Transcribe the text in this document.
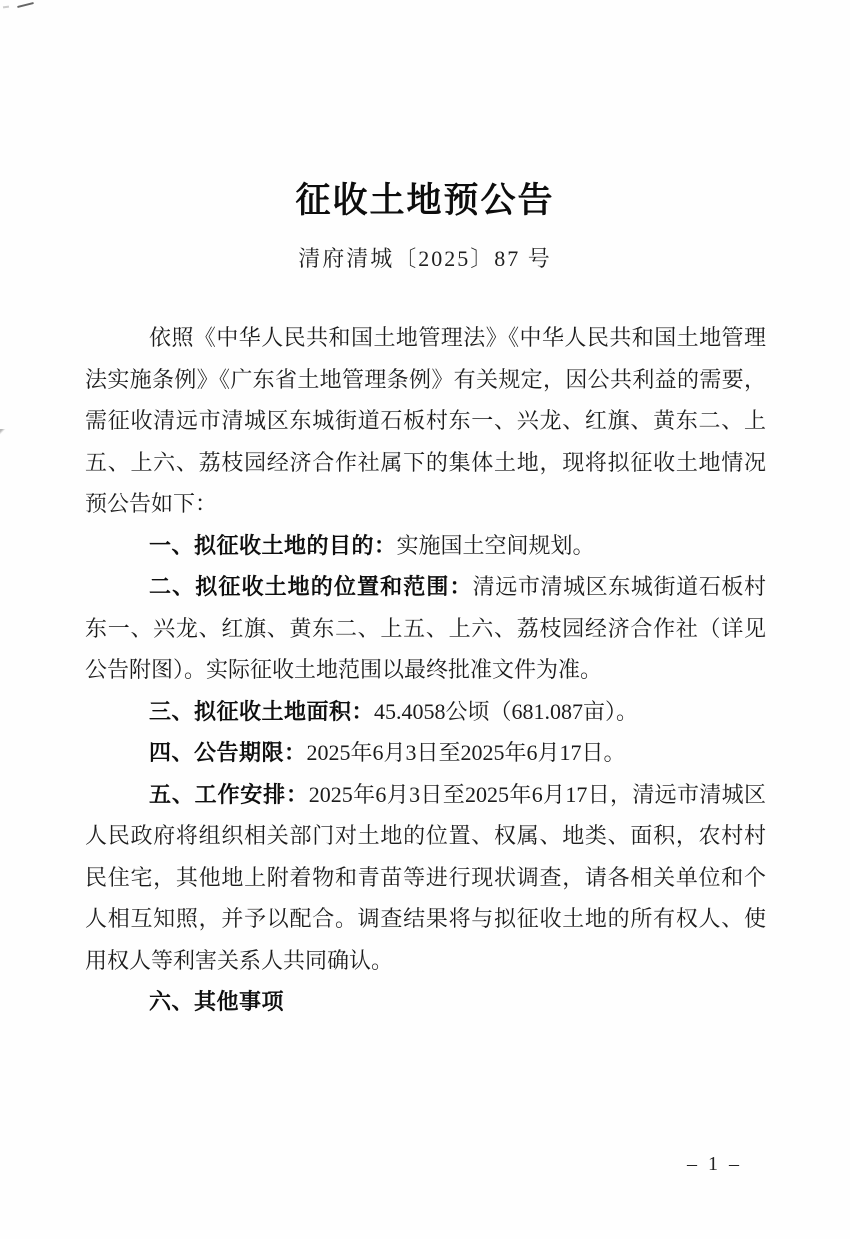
征收土地预公告
清府清城〔2025〕87 号

依照《中华人民共和国土地管理法》《中华人民共和国土地管理法实施条例》《广东省土地管理条例》有关规定，因公共利益的需要，需征收清远市清城区东城街道石板村东一、兴龙、红旗、黄东二、上五、上六、荔枝园经济合作社属下的集体土地，现将拟征收土地情况预公告如下：

一、拟征收土地的目的：实施国土空间规划。

二、拟征收土地的位置和范围：清远市清城区东城街道石板村东一、兴龙、红旗、黄东二、上五、上六、荔枝园经济合作社（详见公告附图）。实际征收土地范围以最终批准文件为准。

三、拟征收土地面积：45.4058公顷（681.087亩）。

四、公告期限：2025年6月3日至2025年6月17日。

五、工作安排：2025年6月3日至2025年6月17日，清远市清城区人民政府将组织相关部门对土地的位置、权属、地类、面积，农村村民住宅，其他地上附着物和青苗等进行现状调查，请各相关单位和个人相互知照，并予以配合。调查结果将与拟征收土地的所有权人、使用权人等利害关系人共同确认。

六、其他事项

– 1 –
